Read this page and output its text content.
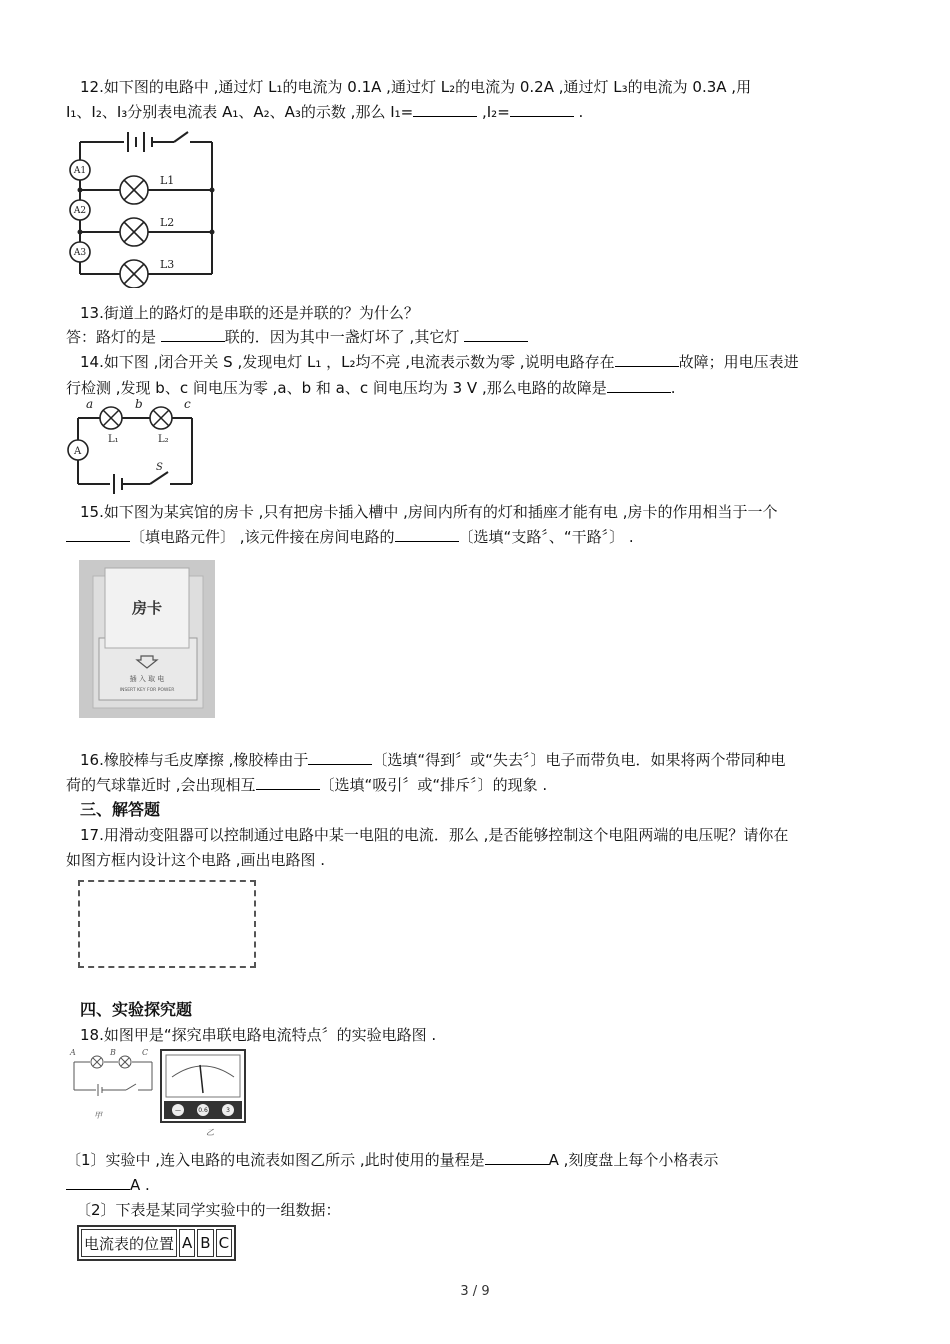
12.如下图的电路中 ,通过灯 L₁的电流为 0.1A ,通过灯 L₂的电流为 0.2A ,通过灯 L₃的电流为 0.3A ,用
I₁、I₂、I₃分别表电流表 A₁、A₂、A₃的示数 ,那么 I₁=	,I₂=	.
A1
A2
A3
L1
L2
L3
13.街道上的路灯的是串联的还是并联的？为什么？
答：路灯的是	联的．因为其中一盏灯坏了 ,其它灯
14.如下图 ,闭合开关 S ,发现电灯 L₁ ，L₂均不亮 ,电流表示数为零 ,说明电路存在	故障；用电压表进
行检测 ,发现 b、c 间电压为零 ,a、b 和 a、c 间电压均为 3 V ,那么电路的故障是	.
a	b	c
L₁	L₂
A
S
15.如下图为某宾馆的房卡 ,只有把房卡插入槽中 ,房间内所有的灯和插座才能有电 ,房卡的作用相当于一个
〔填电路元件〕 ,该元件接在房间电路的	〔选填“支路〞、“干路〞〕 .
房卡
插 入 取 电
INSERT KEY FOR POWER
16.橡胶棒与毛皮摩擦 ,橡胶棒由于	〔选填“得到〞或“失去〞〕电子而带负电．如果将两个带同种电
荷的气球靠近时 ,会出现相互	〔选填“吸引〞或“排斥〞〕的现象 .
三、解答题
17.用滑动变阻器可以控制通过电路中某一电阻的电流．那么 ,是否能够控制这个电阻两端的电压呢？请你在
如图方框内设计这个电路 ,画出电路图 .
四、实验探究题
18.如图甲是“探究串联电路电流特点〞的实验电路图 .
A	B	C
甲
—	0.6	3
乙
〔1〕实验中 ,连入电路的电流表如图乙所示 ,此时使用的量程是	A ,刻度盘上每个小格表示
A .
〔2〕下表是某同学实验中的一组数据：
电流表的位置	A	B	C
3 / 9
